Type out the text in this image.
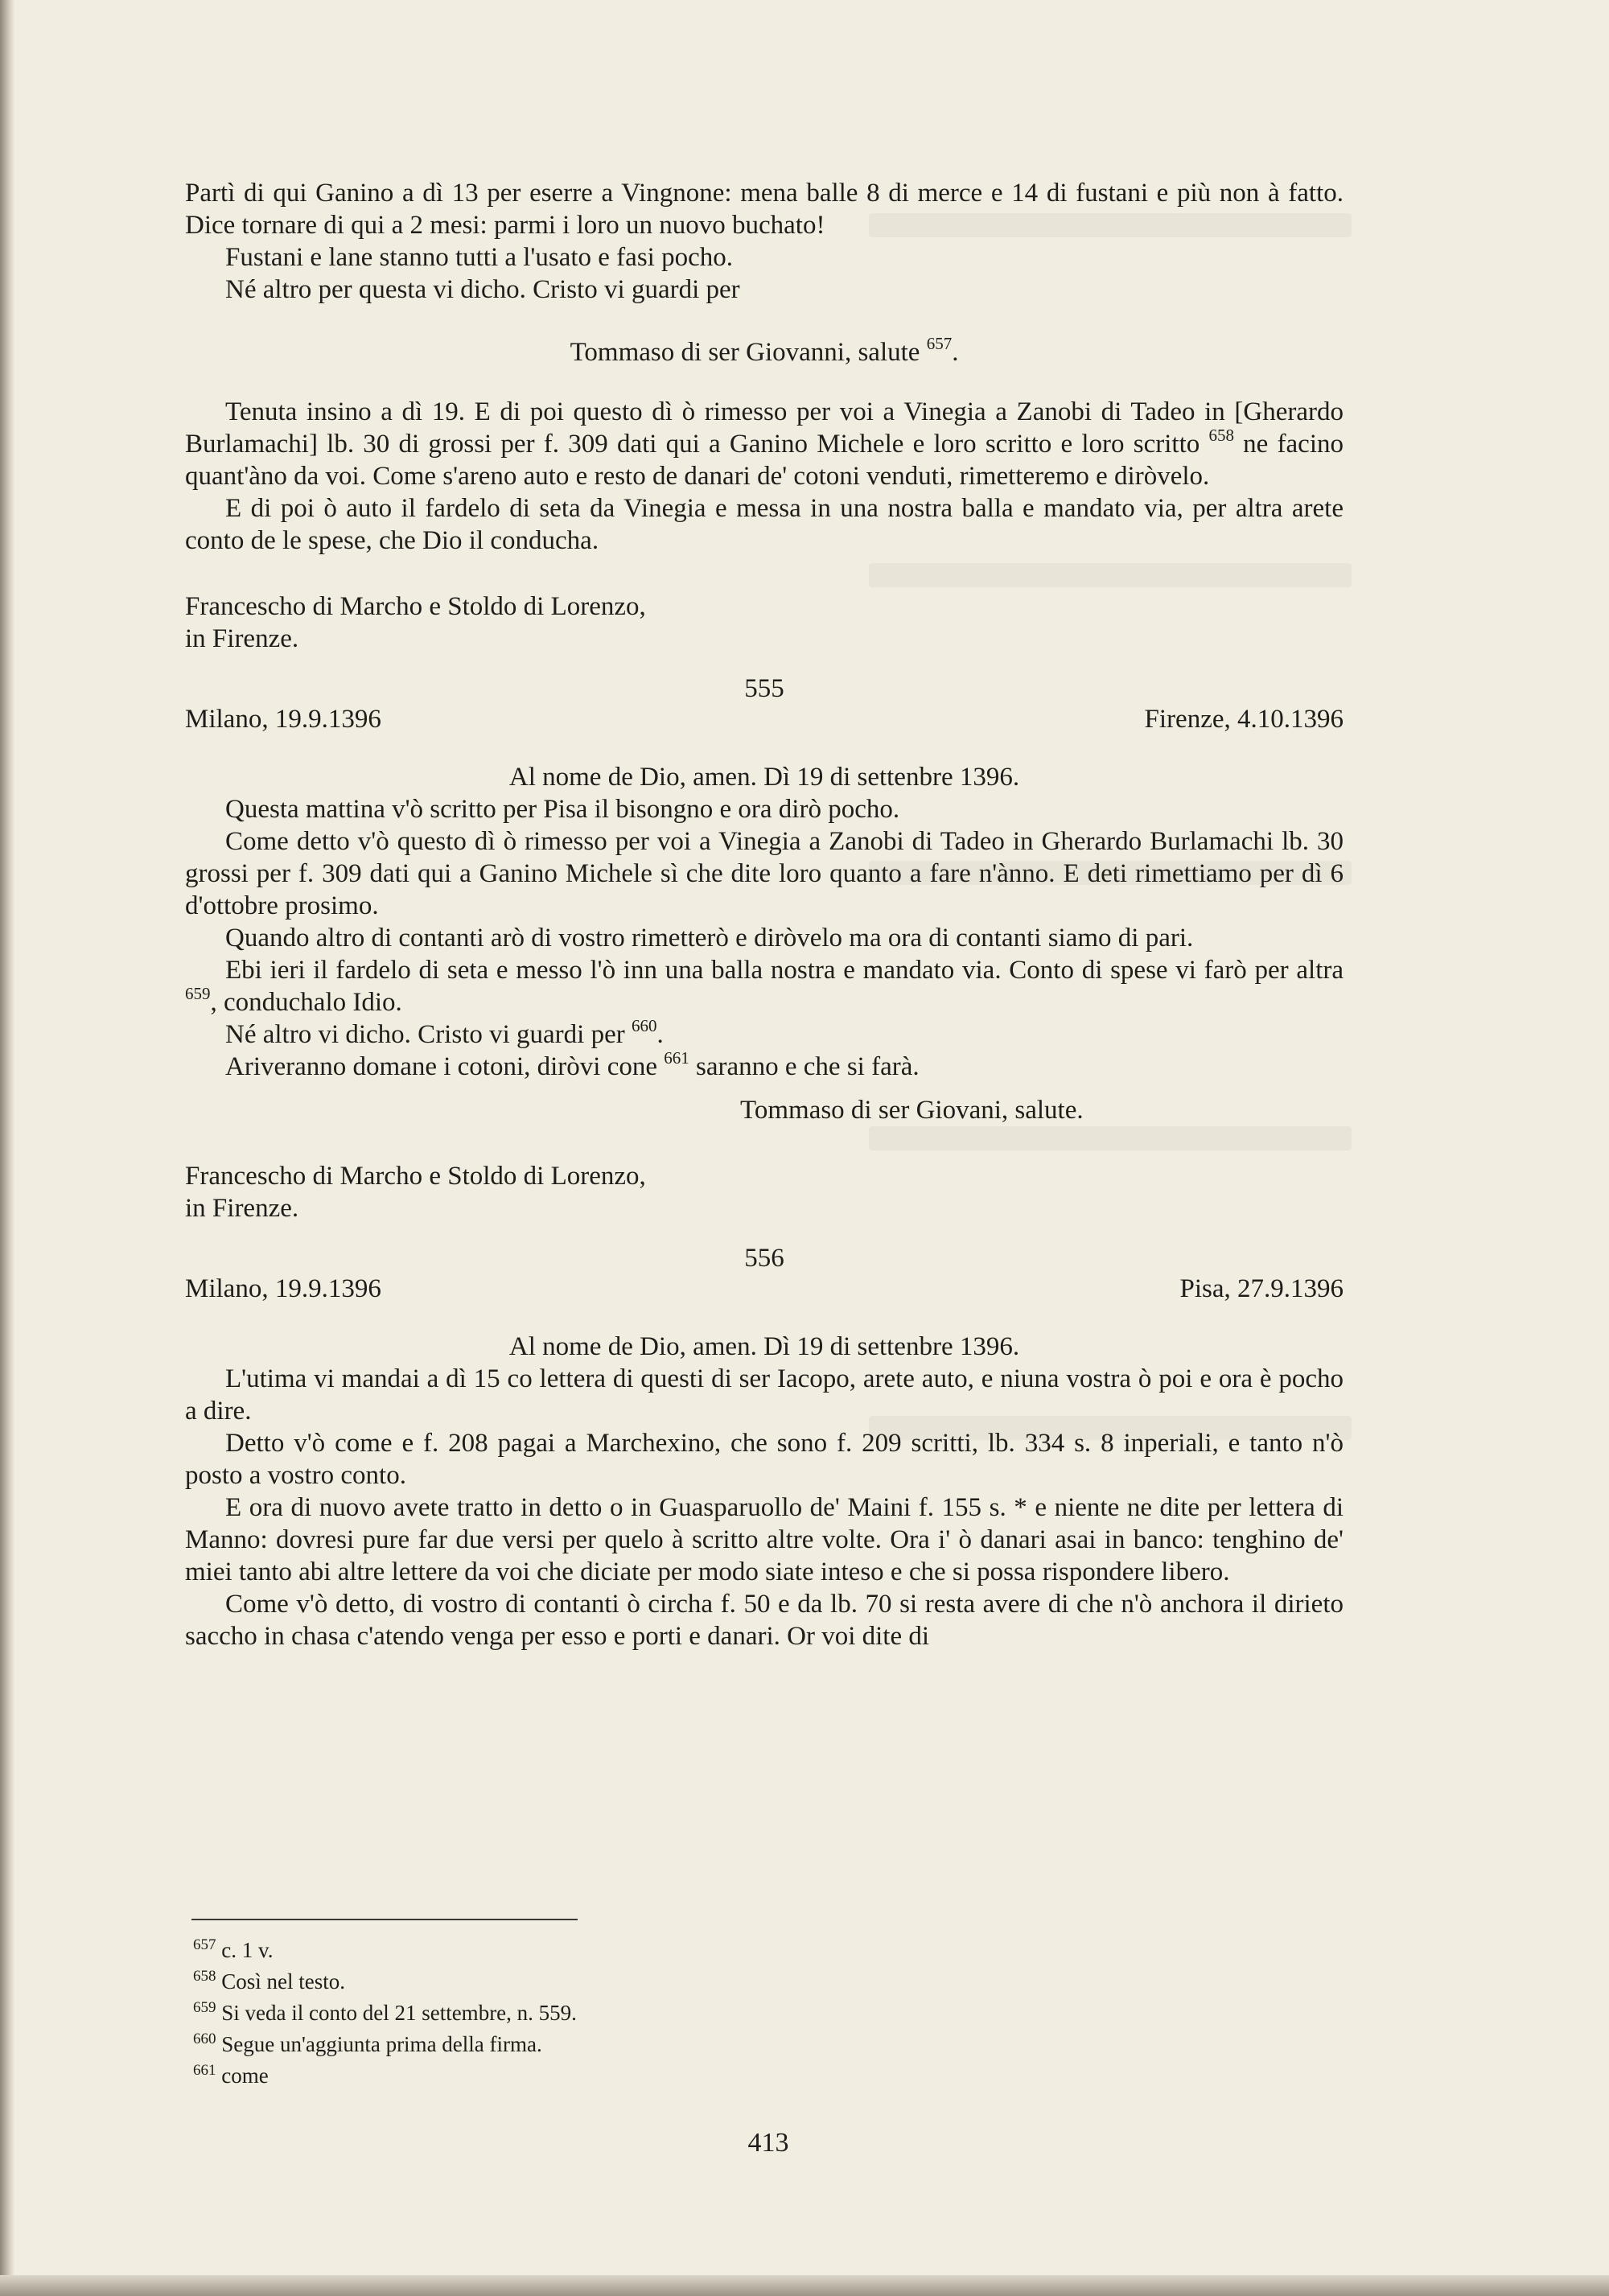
Partì di qui Ganino a dì 13 per eserre a Vingnone: mena balle 8 di merce e 14 di fustani e più non à fatto. Dice tornare di qui a 2 mesi: parmi i loro un nuovo buchato!

Fustani e lane stanno tutti a l'usato e fasi pocho.

Né altro per questa vi dicho. Cristo vi guardi per

Tommaso di ser Giovanni, salute $^{657}$.

Tenuta insino a dì 19. E di poi questo dì ò rimesso per voi a Vinegia a Zanobi di Tadeo in [Gherardo Burlamachi] lb. 30 di grossi per f. 309 dati qui a Ganino Michele e loro scritto e loro scritto $^{658}$ ne facino quant'àno da voi. Come s'areno auto e resto de danari de' cotoni venduti, rimetteremo e diròvelo.

E di poi ò auto il fardelo di seta da Vinegia e messa in una nostra balla e mandato via, per altra arete conto de le spese, che Dio il conducha.

Francescho di Marcho e Stoldo di Lorenzo,

in Firenze.

555

Milano, 19.9.1396	Firenze, 4.10.1396

Al nome de Dio, amen. Dì 19 di settenbre 1396.

Questa mattina v'ò scritto per Pisa il bisongno e ora dirò pocho.

Come detto v'ò questo dì ò rimesso per voi a Vinegia a Zanobi di Tadeo in Gherardo Burlamachi lb. 30 grossi per f. 309 dati qui a Ganino Michele sì che dite loro quanto a fare n'ànno. E deti rimettiamo per dì 6 d'ottobre prosimo.

Quando altro di contanti arò di vostro rimetterò e diròvelo ma ora di contanti siamo di pari.

Ebi ieri il fardelo di seta e messo l'ò inn una balla nostra e mandato via. Conto di spese vi farò per altra $^{659}$, conduchalo Idio.

Né altro vi dicho. Cristo vi guardi per $^{660}$.

Ariveranno domane i cotoni, diròvi cone $^{661}$ saranno e che si farà.

Tommaso di ser Giovani, salute.

Francescho di Marcho e Stoldo di Lorenzo,

in Firenze.

556

Milano, 19.9.1396	Pisa, 27.9.1396

Al nome de Dio, amen. Dì 19 di settenbre 1396.

L'utima vi mandai a dì 15 co lettera di questi di ser Iacopo, arete auto, e niuna vostra ò poi e ora è pocho a dire.

Detto v'ò come e f. 208 pagai a Marchexino, che sono f. 209 scritti, lb. 334 s. 8 inperiali, e tanto n'ò posto a vostro conto.

E ora di nuovo avete tratto in detto o in Guasparuollo de' Maini f. 155 s. * e niente ne dite per lettera di Manno: dovresi pure far due versi per quelo à scritto altre volte. Ora i' ò danari asai in banco: tenghino de' miei tanto abi altre lettere da voi che diciate per modo siate inteso e che si possa rispondere libero.

Come v'ò detto, di vostro di contanti ò circha f. 50 e da lb. 70 si resta avere di che n'ò anchora il dirieto saccho in chasa c'atendo venga per esso e porti e danari. Or voi dite di

$^{657}$ c. 1 v.

$^{658}$ Così nel testo.

$^{659}$ Si veda il conto del 21 settembre, n. 559.

$^{660}$ Segue un'aggiunta prima della firma.

$^{661}$ come

413
